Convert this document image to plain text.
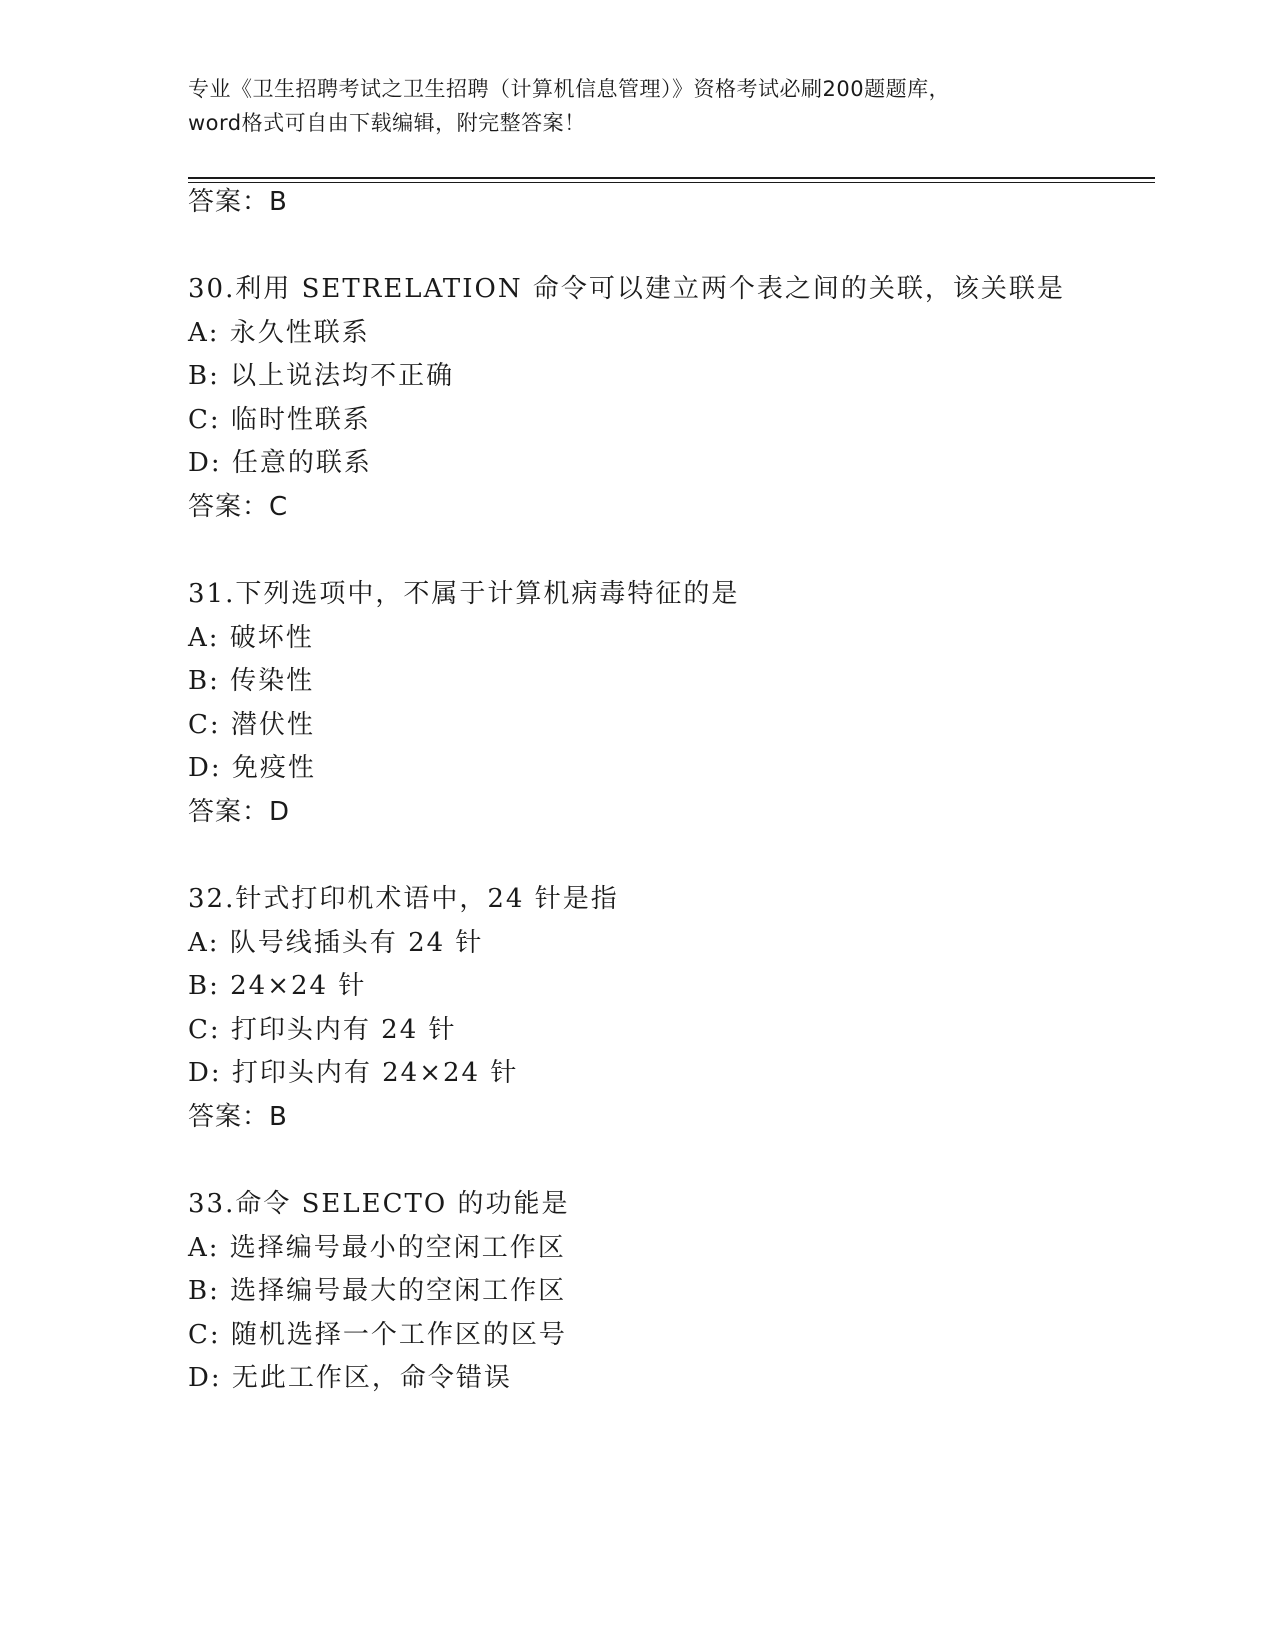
专业《卫生招聘考试之卫生招聘（计算机信息管理）》资格考试必刷200题题库，
word格式可自由下载编辑，附完整答案！
答案：B
30.利用 SETRELATION 命令可以建立两个表之间的关联，该关联是
A: 永久性联系
B: 以上说法均不正确
C: 临时性联系
D: 任意的联系
答案：C
31.下列选项中，不属于计算机病毒特征的是
A: 破坏性
B: 传染性
C: 潜伏性
D: 免疫性
答案：D
32.针式打印机术语中，24 针是指
A: 队号线插头有 24 针
B: 24×24 针
C: 打印头内有 24 针
D: 打印头内有 24×24 针
答案：B
33.命令 SELECTO 的功能是
A: 选择编号最小的空闲工作区
B: 选择编号最大的空闲工作区
C: 随机选择一个工作区的区号
D: 无此工作区，命令错误
